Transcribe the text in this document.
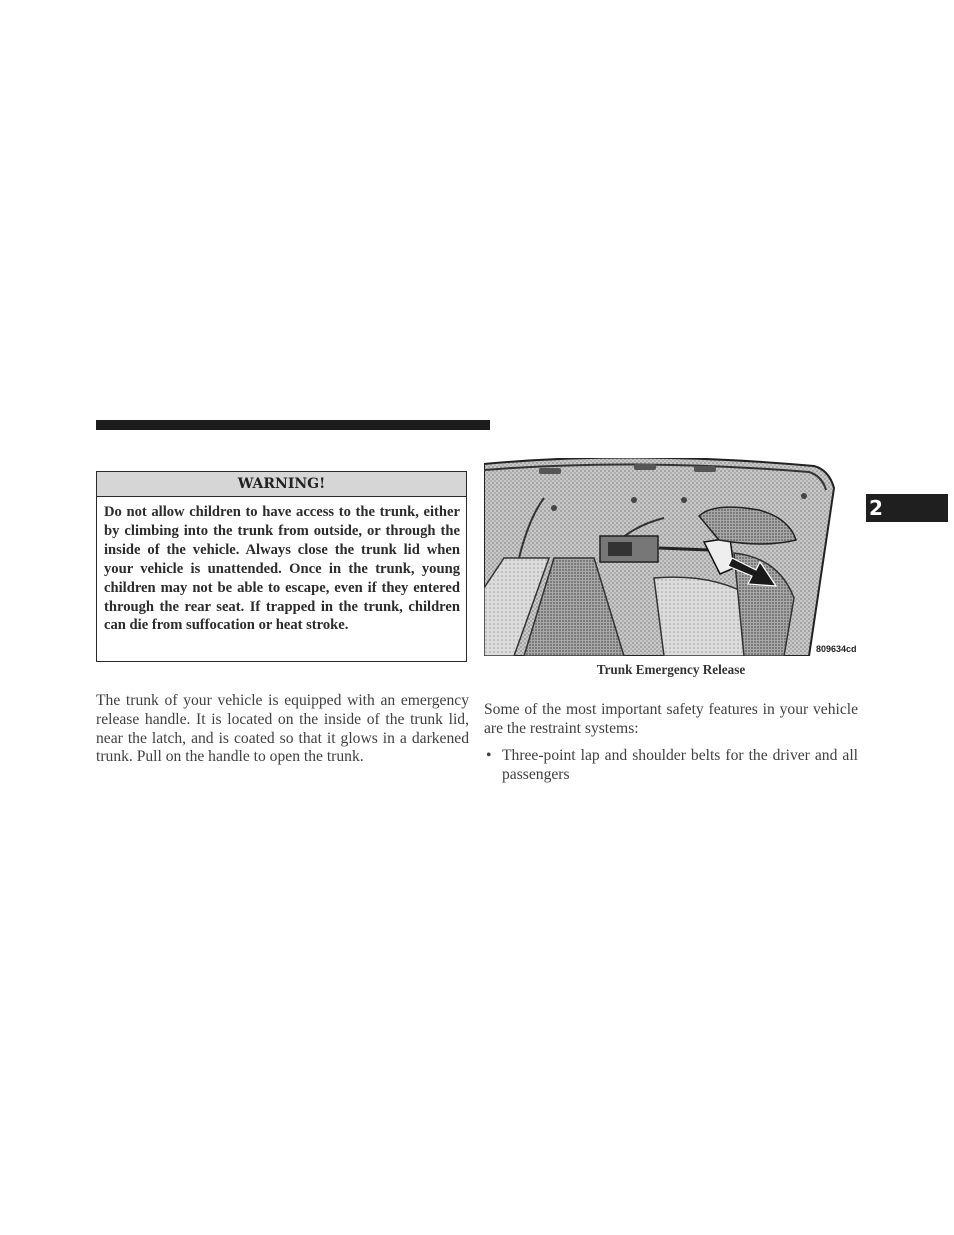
WARNING!
Do not allow children to have access to the trunk, either by climbing into the trunk from outside, or through the inside of the vehicle. Always close the trunk lid when your vehicle is unattended. Once in the trunk, young children may not be able to escape, even if they entered through the rear seat. If trapped in the trunk, children can die from suffocation or heat stroke.
The trunk of your vehicle is equipped with an emergency release handle. It is located on the inside of the trunk lid, near the latch, and is coated so that it glows in a darkened trunk. Pull on the handle to open the trunk.
809634cd
Trunk Emergency Release
Some of the most important safety features in your vehicle are the restraint systems:
• Three-point lap and shoulder belts for the driver and all passengers
2
